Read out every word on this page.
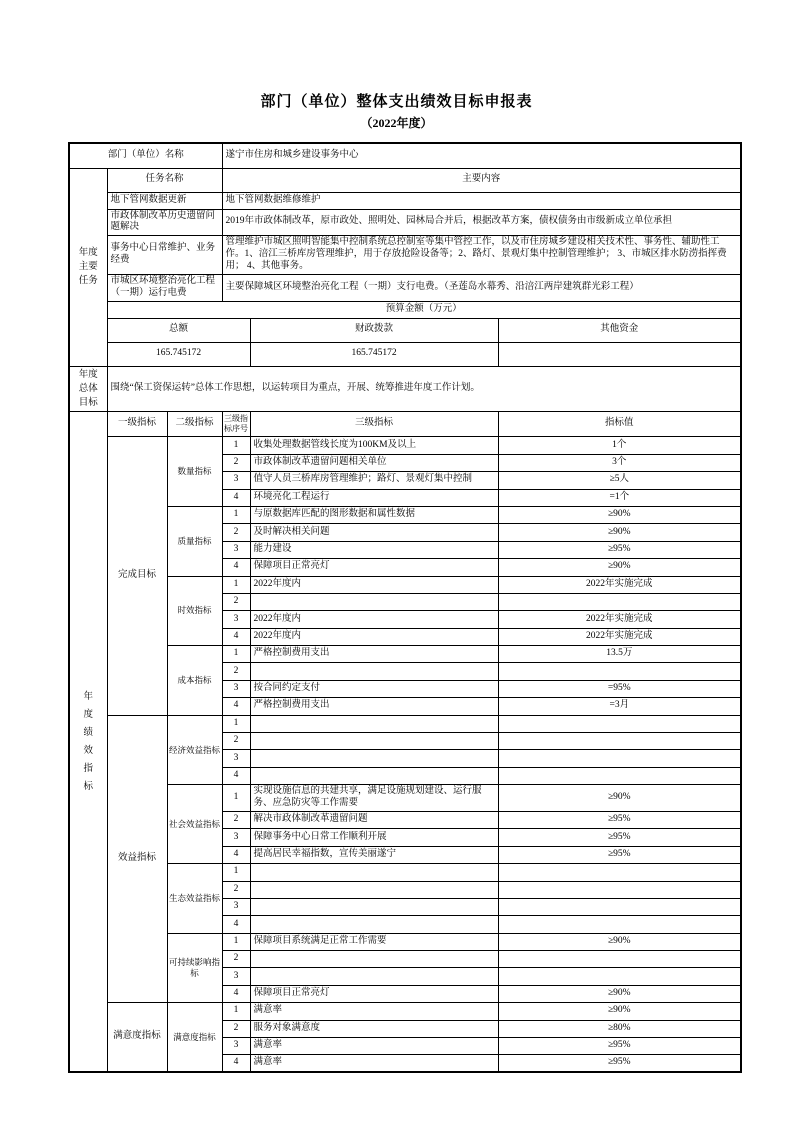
部门（单位）整体支出绩效目标申报表
（2022年度）
部门（单位）名称			遂宁市住房和城乡建设事务中心		
年度主要任务	任务名称		主要内容		
	地下管网数据更新		地下管网数据维修维护		
	市政体制改革历史遗留问题解决		2019年市政体制改革，原市政处、照明处、园林局合并后，根据改革方案，债权债务由市级新成立单位承担		
	事务中心日常维护、业务经费		管理维护市城区照明智能集中控制系统总控制室等集中管控工作，以及市住房城乡建设相关技术性、事务性、辅助性工作。1、涪江三桥库房管理维护，用于存放抢险设备等；2、路灯、景观灯集中控制管理维护； 3、市城区排水防涝指挥费用； 4、其他事务。		
	市城区环境整治亮化工程（一期）运行电费		主要保障城区环境整治亮化工程（一期）支行电费。（圣莲岛水幕秀、沿涪江两岸建筑群光彩工程）		
	预算金额（万元）				
	总额			财政拨款	其他资金
	165.745172			165.745172	
年度总体目标	围绕“保工资保运转”总体工作思想，以运转项目为重点，开展、统筹推进年度工作计划。				
年度绩效指标	一级指标	二级指标	三级指标序号	三级指标	指标值
	完成目标	数量指标	1	收集处理数据管线长度为100KM及以上	1个
			2	市政体制改革遗留问题相关单位	3个
			3	值守人员三桥库房管理维护；路灯、景观灯集中控制	≥5人
			4	环境亮化工程运行	=1个
		质量指标	1	与原数据库匹配的图形数据和属性数据	≥90%
			2	及时解决相关问题	≥90%
			3	能力建设	≥95%
			4	保障项目正常亮灯	≥90%
		时效指标	1	2022年度内	2022年实施完成
			2		
			3	2022年度内	2022年实施完成
			4	2022年度内	2022年实施完成
		成本指标	1	严格控制费用支出	13.5万
			2		
			3	按合同约定支付	=95%
			4	严格控制费用支出	=3月
	效益指标	经济效益指标	1		
			2		
			3		
			4		
		社会效益指标	1	实现设施信息的共建共享，满足设施规划建设、运行服务、应急防灾等工作需要	≥90%
			2	解决市政体制改革遗留问题	≥95%
			3	保障事务中心日常工作顺利开展	≥95%
			4	提高居民幸福指数，宣传美丽遂宁	≥95%
		生态效益指标	1		
			2		
			3		
			4		
		可持续影响指标	1	保障项目系统满足正常工作需要	≥90%
			2		
			3		
			4	保障项目正常亮灯	≥90%
	满意度指标	满意度指标	1	满意率	≥90%
			2	服务对象满意度	≥80%
			3	满意率	≥95%
			4	满意率	≥95%
